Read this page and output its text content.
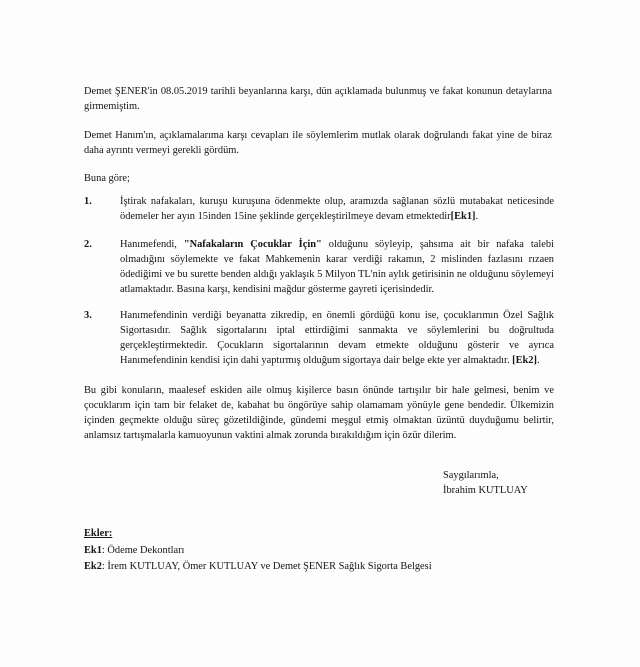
Demet ŞENER'in 08.05.2019 tarihli beyanlarına karşı, dün açıklamada bulunmuş ve fakat konunun detaylarına girmemiştim.

Demet Hanım'ın, açıklamalarıma karşı cevapları ile söylemlerim mutlak olarak doğrulandı fakat yine de biraz daha ayrıntı vermeyi gerekli gördüm.

Buna göre;

1.	İştirak nafakaları, kuruşu kuruşuna ödenmekte olup, aramızda sağlanan sözlü mutabakat neticesinde ödemeler her ayın 15inden 15ine şeklinde gerçekleştirilmeye devam etmektedir[Ek1].

2.	Hanımefendi, "Nafakaların Çocuklar İçin" olduğunu söyleyip, şahsıma ait bir nafaka talebi olmadığını söylemekte ve fakat Mahkemenin karar verdiği rakamın, 2 mislinden fazlasını rızaen ödediğimi ve bu surette benden aldığı yaklaşık 5 Milyon TL'nin aylık getirisinin ne olduğunu söylemeyi atlamaktadır. Basına karşı, kendisini mağdur gösterme gayreti içerisindedir.

3.	Hanımefendinin verdiği beyanatta zikredip, en önemli gördüğü konu ise, çocuklarımın Özel Sağlık Sigortasıdır. Sağlık sigortalarını iptal ettirdiğimi sanmakta ve söylemlerini bu doğrultuda gerçekleştirmektedir. Çocukların sigortalarının devam etmekte olduğunu gösterir ve ayrıca Hanımefendinin kendisi için dahi yaptırmış olduğum sigortaya dair belge ekte yer almaktadır. [Ek2].

Bu gibi konuların, maalesef eskiden aile olmuş kişilerce basın önünde tartışılır bir hale gelmesi, benim ve çocuklarım için tam bir felaket de, kabahat bu öngörüye sahip olamamam yönüyle gene bendedir. Ülkemizin içinden geçmekte olduğu süreç gözetildiğinde, gündemi meşgul etmiş olmaktan üzüntü duyduğumu belirtir, anlamsız tartışmalarla kamuoyunun vaktini almak zorunda bırakıldığım için özür dilerim.

Saygılarımla,
İbrahim KUTLUAY
Ekler:
Ek1: Ödeme Dekontları
Ek2: İrem KUTLUAY, Ömer KUTLUAY ve Demet ŞENER Sağlık Sigorta Belgesi
